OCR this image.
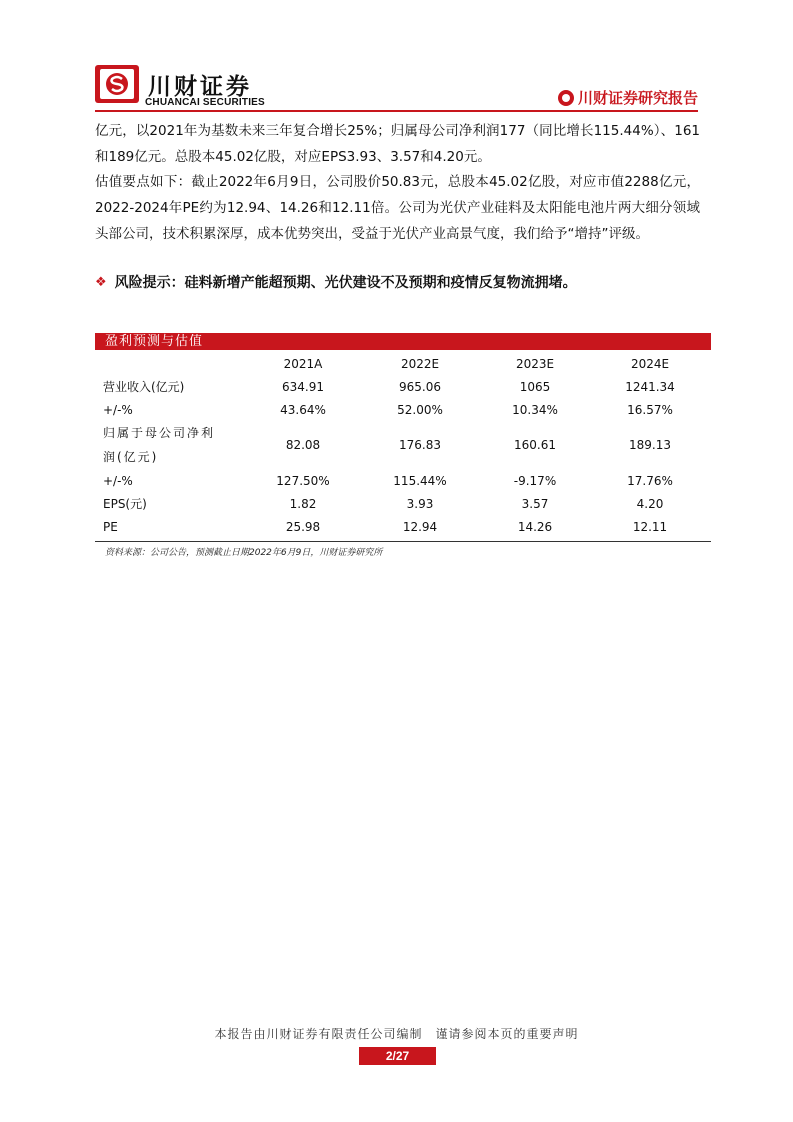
川财证券
CHUANCAI SECURITIES	川财证券研究报告

亿元，以2021年为基数未来三年复合增长25%；归属母公司净利润177（同比增长115.44%）、161和189亿元。总股本45.02亿股，对应EPS3.93、3.57和4.20元。

估值要点如下：截止2022年6月9日，公司股价50.83元，总股本45.02亿股，对应市值2288亿元，2022-2024年PE约为12.94、14.26和12.11倍。公司为光伏产业硅料及太阳能电池片两大细分领域头部公司，技术积累深厚，成本优势突出，受益于光伏产业高景气度，我们给予“增持”评级。

❖ 风险提示：硅料新增产能超预期、光伏建设不及预期和疫情反复物流拥堵。
盈利预测与估值
2021A	2022E	2023E	2024E
营业收入(亿元)	634.91	965.06	1065	1241.34
+/-%	43.64%	52.00%	10.34%	16.57%
归属于母公司净利
润(亿元)
82.08	176.83	160.61	189.13
+/-%	127.50%	115.44%	-9.17%	17.76%
EPS(元)	1.82	3.93	3.57	4.20
PE	25.98	12.94	14.26	12.11
资料来源：公司公告，预测截止日期2022年6月9日，川财证券研究所
本报告由川财证券有限责任公司编制　谨请参阅本页的重要声明
2/27
